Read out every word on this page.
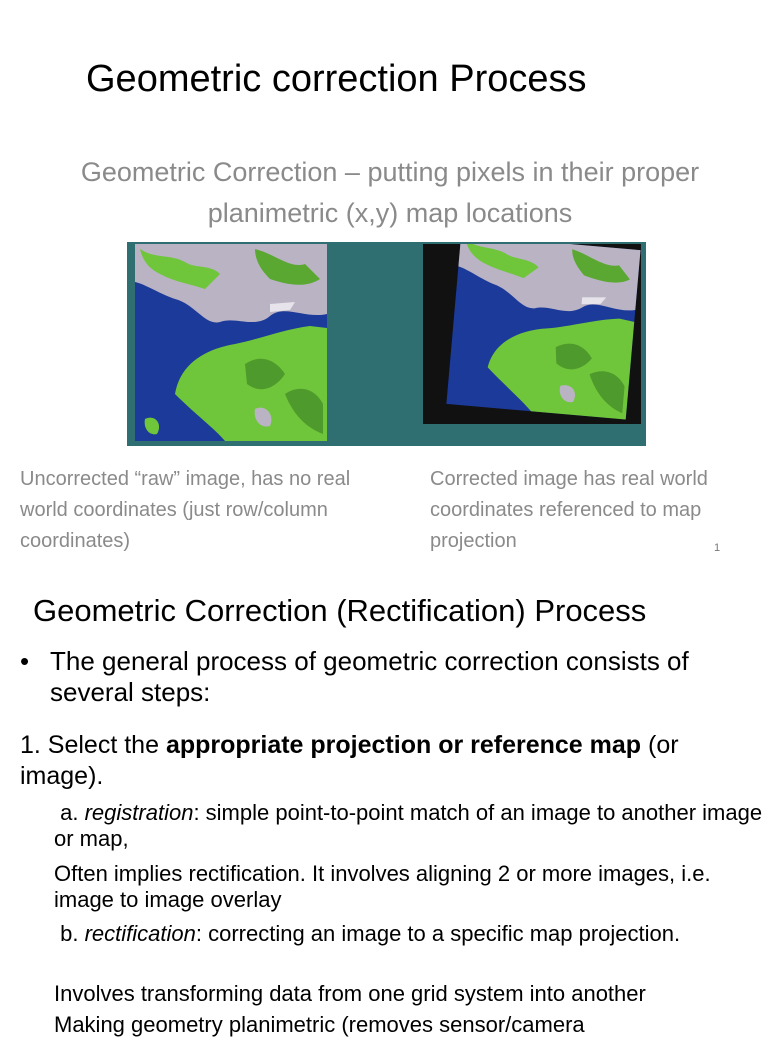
Geometric correction Process
Geometric Correction – putting pixels in their proper planimetric (x,y) map locations
Uncorrected “raw” image, has no real world coordinates (just row/column coordinates)
Corrected image has real world coordinates referenced to map projection	1
Geometric Correction (Rectification) Process
• The general process of geometric correction consists of several steps:
1. Select the appropriate projection or reference map (or image).
a. registration: simple point-to-point match of an image to another image or map,
Often implies rectification. It involves aligning 2 or more images, i.e. image to image overlay
b. rectification: correcting an image to a specific map projection.
Involves transforming data from one grid system into another
Making geometry planimetric (removes sensor/camera
